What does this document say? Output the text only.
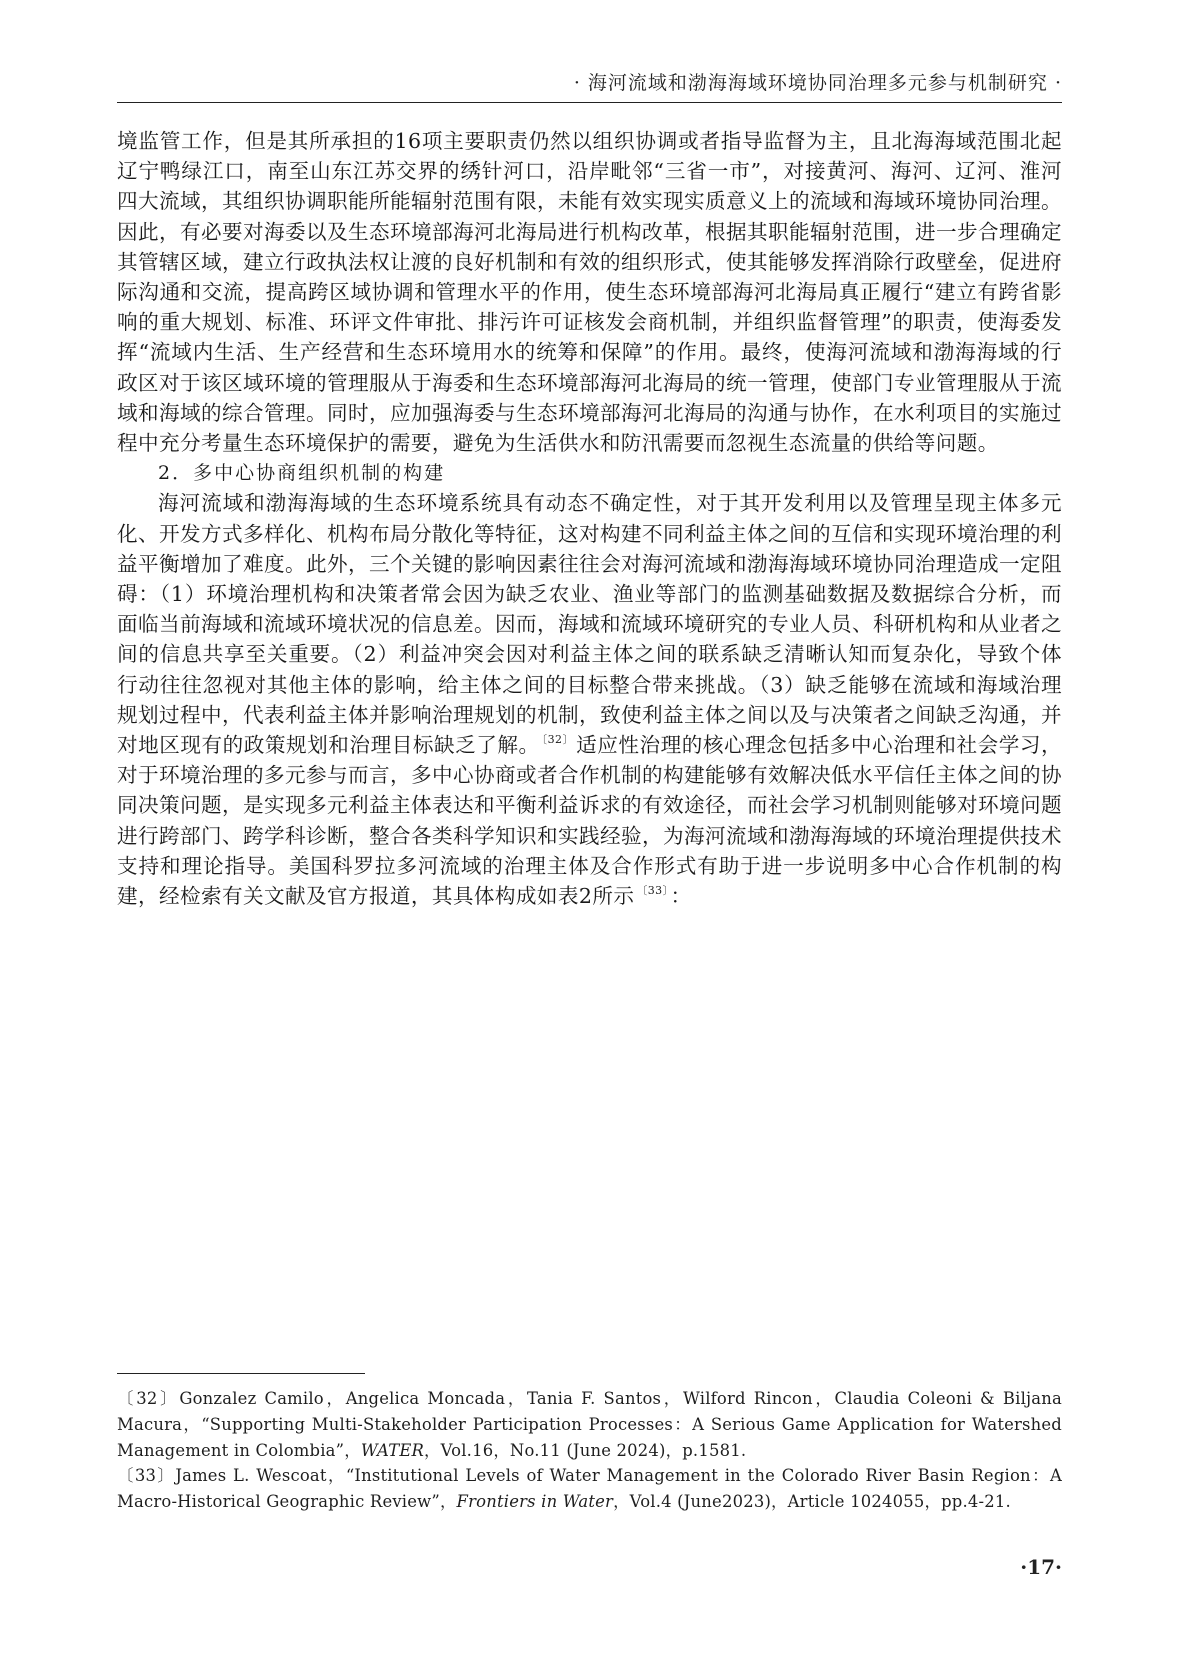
· 海河流域和渤海海域环境协同治理多元参与机制研究 ·

境监管工作，但是其所承担的16项主要职责仍然以组织协调或者指导监督为主，且北海海域范围北起辽宁鸭绿江口，南至山东江苏交界的绣针河口，沿岸毗邻“三省一市”，对接黄河、海河、辽河、淮河四大流域，其组织协调职能所能辐射范围有限，未能有效实现实质意义上的流域和海域环境协同治理。因此，有必要对海委以及生态环境部海河北海局进行机构改革，根据其职能辐射范围，进一步合理确定其管辖区域，建立行政执法权让渡的良好机制和有效的组织形式，使其能够发挥消除行政壁垒，促进府际沟通和交流，提高跨区域协调和管理水平的作用，使生态环境部海河北海局真正履行“建立有跨省影响的重大规划、标准、环评文件审批、排污许可证核发会商机制，并组织监督管理”的职责，使海委发挥“流域内生活、生产经营和生态环境用水的统筹和保障”的作用。最终，使海河流域和渤海海域的行政区对于该区域环境的管理服从于海委和生态环境部海河北海局的统一管理，使部门专业管理服从于流域和海域的综合管理。同时，应加强海委与生态环境部海河北海局的沟通与协作，在水利项目的实施过程中充分考量生态环境保护的需要，避免为生活供水和防汛需要而忽视生态流量的供给等问题。

2．多中心协商组织机制的构建

海河流域和渤海海域的生态环境系统具有动态不确定性，对于其开发利用以及管理呈现主体多元化、开发方式多样化、机构布局分散化等特征，这对构建不同利益主体之间的互信和实现环境治理的利益平衡增加了难度。此外，三个关键的影响因素往往会对海河流域和渤海海域环境协同治理造成一定阻碍：（1）环境治理机构和决策者常会因为缺乏农业、渔业等部门的监测基础数据及数据综合分析，而面临当前海域和流域环境状况的信息差。因而，海域和流域环境研究的专业人员、科研机构和从业者之间的信息共享至关重要。（2）利益冲突会因对利益主体之间的联系缺乏清晰认知而复杂化，导致个体行动往往忽视对其他主体的影响，给主体之间的目标整合带来挑战。（3）缺乏能够在流域和海域治理规划过程中，代表利益主体并影响治理规划的机制，致使利益主体之间以及与决策者之间缺乏沟通，并对地区现有的政策规划和治理目标缺乏了解。 $^{〔32〕}$适应性治理的核心理念包括多中心治理和社会学习，对于环境治理的多元参与而言，多中心协商或者合作机制的构建能够有效解决低水平信任主体之间的协同决策问题，是实现多元利益主体表达和平衡利益诉求的有效途径，而社会学习机制则能够对环境问题进行跨部门、跨学科诊断，整合各类科学知识和实践经验，为海河流域和渤海海域的环境治理提供技术支持和理论指导。美国科罗拉多河流域的治理主体及合作形式有助于进一步说明多中心合作机制的构建，经检索有关文献及官方报道，其具体构成如表2所示 $^{〔33〕}$：

〔32〕Gonzalez Camilo，Angelica Moncada，Tania F. Santos，Wilford Rincon，Claudia Coleoni & Biljana Macura，“Supporting Multi-Stakeholder Participation Processes：A Serious Game Application for Watershed Management in Colombia”，WATER，Vol.16，No.11 (June 2024)，p.1581.

〔33〕James L. Wescoat，“Institutional Levels of Water Management in the Colorado River Basin Region：A Macro-Historical Geographic Review”，Frontiers in Water，Vol.4 (June2023)，Article 1024055，pp.4-21.

·17·
